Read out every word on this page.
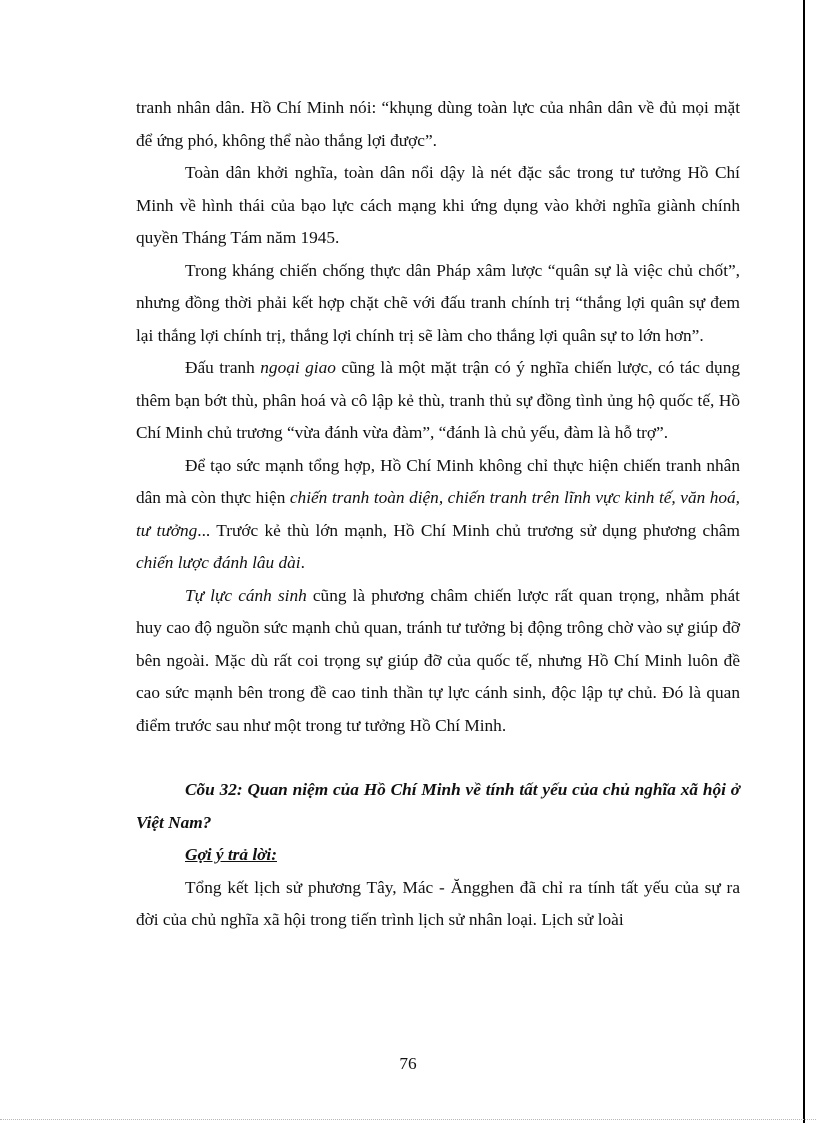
tranh nhân dân. Hồ Chí Minh nói: “khụng dùng toàn lực của nhân dân về đủ mọi mặt để ứng phó, không thể nào thắng lợi được”.

Toàn dân khởi nghĩa, toàn dân nổi dậy là nét đặc sắc trong tư tưởng Hồ Chí Minh về hình thái của bạo lực cách mạng khi ứng dụng vào khởi nghĩa giành chính quyền Tháng Tám năm 1945.

Trong kháng chiến chống thực dân Pháp xâm lược “quân sự là việc chủ chốt”, nhưng đồng thời phải kết hợp chặt chẽ với đấu tranh chính trị “thắng lợi quân sự đem lại thắng lợi chính trị, thắng lợi chính trị sẽ làm cho thắng lợi quân sự to lớn hơn”.

Đấu tranh ngoại giao cũng là một mặt trận có ý nghĩa chiến lược, có tác dụng thêm bạn bớt thù, phân hoá và cô lập kẻ thù, tranh thủ sự đồng tình ủng hộ quốc tế, Hồ Chí Minh chủ trương “vừa đánh vừa đàm”, “đánh là chủ yếu, đàm là hỗ trợ”.

Để tạo sức mạnh tổng hợp, Hồ Chí Minh không chỉ thực hiện chiến tranh nhân dân mà còn thực hiện chiến tranh toàn diện, chiến tranh trên lĩnh vực kinh tế, văn hoá, tư tưởng... Trước kẻ thù lớn mạnh, Hồ Chí Minh chủ trương sử dụng phương châm chiến lược đánh lâu dài.

Tự lực cánh sinh cũng là phương châm chiến lược rất quan trọng, nhằm phát huy cao độ nguồn sức mạnh chủ quan, tránh tư tưởng bị động trông chờ vào sự giúp đỡ bên ngoài. Mặc dù rất coi trọng sự giúp đỡ của quốc tế, nhưng Hồ Chí Minh luôn đề cao sức mạnh bên trong đề cao tinh thần tự lực cánh sinh, độc lập tự chủ. Đó là quan điểm trước sau như một trong tư tưởng Hồ Chí Minh.

Cõu 32: Quan niệm của Hồ Chí Minh về tính tất yếu của chủ nghĩa xã hội ở Việt Nam?

Gợi ý trả lời:

Tổng kết lịch sử phương Tây, Mác - Ăngghen đã chỉ ra tính tất yếu của sự ra đời của chủ nghĩa xã hội trong tiến trình lịch sử nhân loại. Lịch sử loài

76
